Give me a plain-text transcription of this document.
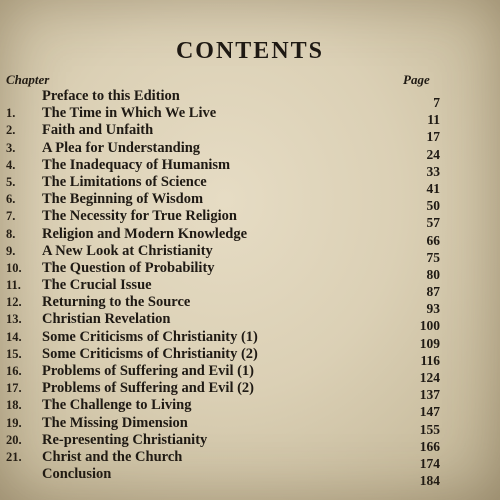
CONTENTS
Chapter	Page
Preface to this Edition	7
1.	The Time in Which We Live	11
2.	Faith and Unfaith	17
3.	A Plea for Understanding	24
4.	The Inadequacy of Humanism	33
5.	The Limitations of Science	41
6.	The Beginning of Wisdom	50
7.	The Necessity for True Religion	57
8.	Religion and Modern Knowledge	66
9.	A New Look at Christianity	75
10.	The Question of Probability	80
11.	The Crucial Issue	87
12.	Returning to the Source	93
13.	Christian Revelation	100
14.	Some Criticisms of Christianity (1)	109
15.	Some Criticisms of Christianity (2)	116
16.	Problems of Suffering and Evil (1)	124
17.	Problems of Suffering and Evil (2)	137
18.	The Challenge to Living	147
19.	The Missing Dimension	155
20.	Re-presenting Christianity	166
21.	Christ and the Church	174
Conclusion	184
